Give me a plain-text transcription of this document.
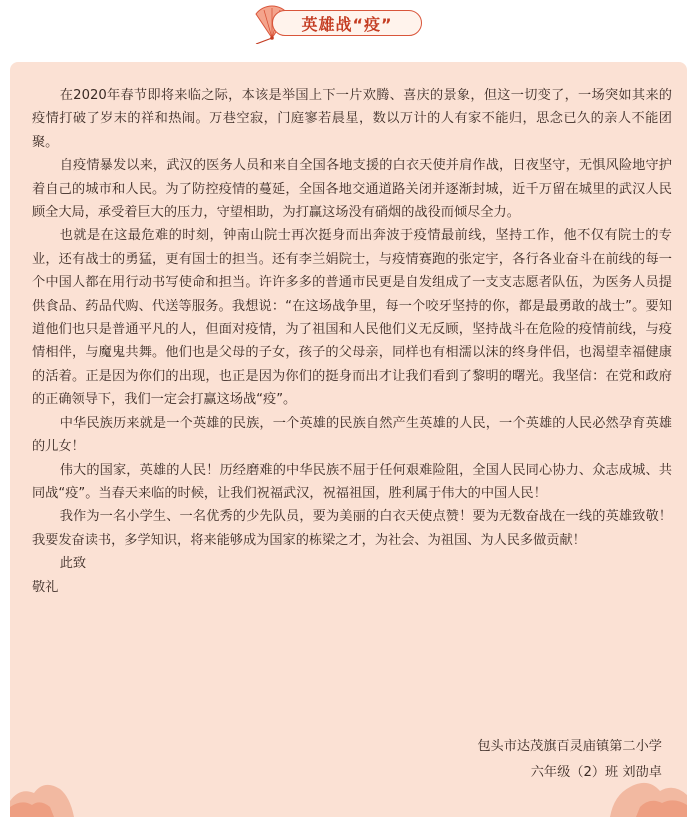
英雄战“疫”

在2020年春节即将来临之际，本该是举国上下一片欢腾、喜庆的景象，但这一切变了，一场突如其来的疫情打破了岁末的祥和热闹。万巷空寂，门庭寥若晨星，数以万计的人有家不能归，思念已久的亲人不能团聚。

自疫情暴发以来，武汉的医务人员和来自全国各地支援的白衣天使并肩作战，日夜坚守，无惧风险地守护着自己的城市和人民。为了防控疫情的蔓延，全国各地交通道路关闭并逐渐封城，近千万留在城里的武汉人民顾全大局，承受着巨大的压力，守望相助，为打赢这场没有硝烟的战役而倾尽全力。

也就是在这最危难的时刻，钟南山院士再次挺身而出奔波于疫情最前线，坚持工作，他不仅有院士的专业，还有战士的勇猛，更有国士的担当。还有李兰娟院士，与疫情赛跑的张定宇，各行各业奋斗在前线的每一个中国人都在用行动书写使命和担当。许许多多的普通市民更是自发组成了一支支志愿者队伍，为医务人员提供食品、药品代购、代送等服务。我想说：“在这场战争里，每一个咬牙坚持的你，都是最勇敢的战士”。要知道他们也只是普通平凡的人，但面对疫情，为了祖国和人民他们义无反顾，坚持战斗在危险的疫情前线，与疫情相伴，与魔鬼共舞。他们也是父母的子女，孩子的父母亲，同样也有相濡以沫的终身伴侣，也渴望幸福健康的活着。正是因为你们的出现，也正是因为你们的挺身而出才让我们看到了黎明的曙光。我坚信：在党和政府的正确领导下，我们一定会打赢这场战“疫”。

中华民族历来就是一个英雄的民族，一个英雄的民族自然产生英雄的人民，一个英雄的人民必然孕育英雄的儿女！

伟大的国家，英雄的人民！历经磨难的中华民族不屈于任何艰难险阻，全国人民同心协力、众志成城、共同战“疫”。当春天来临的时候，让我们祝福武汉，祝福祖国，胜利属于伟大的中国人民！

我作为一名小学生、一名优秀的少先队员，要为美丽的白衣天使点赞！要为无数奋战在一线的英雄致敬！我要发奋读书，多学知识，将来能够成为国家的栋梁之才，为社会、为祖国、为人民多做贡献！

此致

敬礼

包头市达茂旗百灵庙镇第二小学
六年级（2）班 刘劭卓
